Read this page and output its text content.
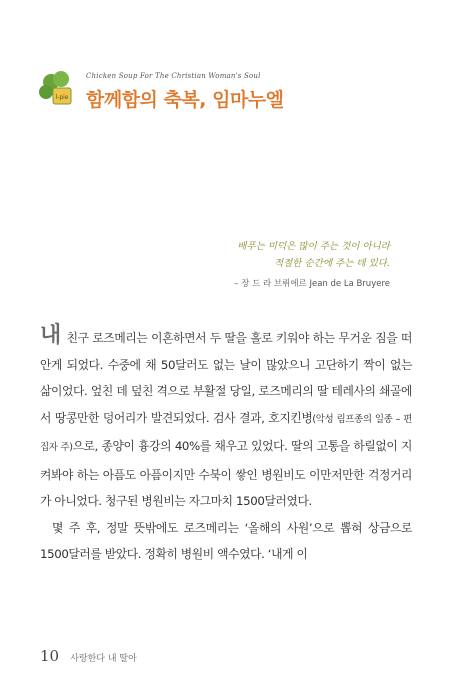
Chicken Soup For The Christian Woman's Soul
l-pie 함께함의 축복, 임마누엘
배푸는 미덕은 많이 주는 것이 아니라
적절한 순간에 주는 데 있다.
– 장 드 라 브뤼에르 Jean de La Bruyere

내 친구 로즈메리는 이혼하면서 두 딸을 홀로 키워야 하는 무거운 짐을 떠안게 되었다. 수중에 채 50달러도 없는 날이 많았으니 고단하기 짝이 없는 삶이었다. 엎친 데 덮친 격으로 부활절 당일, 로즈메리의 딸 테레사의 쇄골에서 땅콩만한 덩어리가 발견되었다. 검사 결과, 호지킨병(악성 림프종의 일종 – 편집자 주)으로, 종양이 흉강의 40%를 채우고 있었다. 딸의 고통을 하릴없이 지켜봐야 하는 아픔도 아픔이지만 수북이 쌓인 병원비도 이만저만한 걱정거리가 아니었다. 청구된 병원비는 자그마치 1500달러였다.

몇 주 후, 정말 뜻밖에도 로즈메리는 ‘올해의 사원’으로 뽑혀 상금으로 1500달러를 받았다. 정확히 병원비 액수였다. ‘내게 이

10 사랑한다 내 딸아
